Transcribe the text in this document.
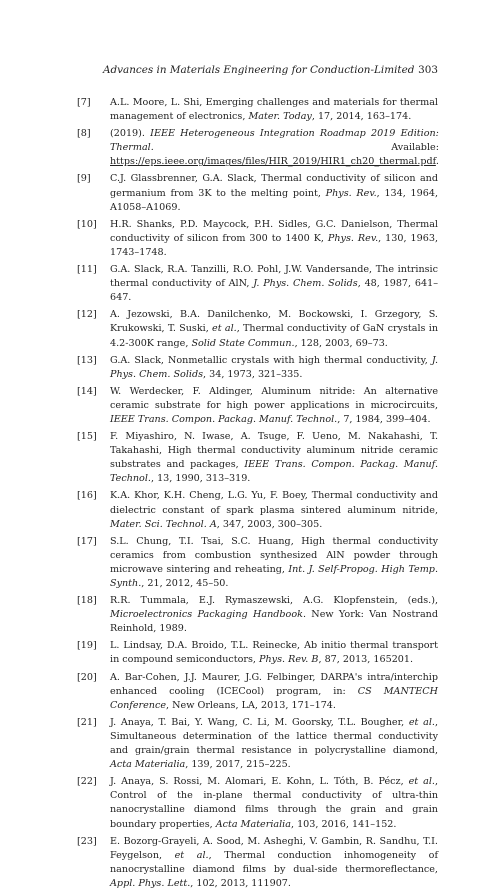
Advances in Materials Engineering for Conduction-Limited 303
[7]	A.L. Moore, L. Shi, Emerging challenges and materials for thermal management of electronics, Mater. Today, 17, 2014, 163–174.
[8]	(2019). IEEE Heterogeneous Integration Roadmap 2019 Edition: Thermal. Available: https://eps.ieee.org/images/files/HIR_2019/HIR1_ch20_thermal.pdf.
[9]	C.J. Glassbrenner, G.A. Slack, Thermal conductivity of silicon and germanium from 3K to the melting point, Phys. Rev., 134, 1964, A1058–A1069.
[10]	H.R. Shanks, P.D. Maycock, P.H. Sidles, G.C. Danielson, Thermal conductivity of silicon from 300 to 1400 K, Phys. Rev., 130, 1963, 1743–1748.
[11]	G.A. Slack, R.A. Tanzilli, R.O. Pohl, J.W. Vandersande, The intrinsic thermal conductivity of AlN, J. Phys. Chem. Solids, 48, 1987, 641–647.
[12]	A. Jezowski, B.A. Danilchenko, M. Bockowski, I. Grzegory, S. Krukowski, T. Suski, et al., Thermal conductivity of GaN crystals in 4.2-300K range, Solid State Commun., 128, 2003, 69–73.
[13]	G.A. Slack, Nonmetallic crystals with high thermal conductivity, J. Phys. Chem. Solids, 34, 1973, 321–335.
[14]	W. Werdecker, F. Aldinger, Aluminum nitride: An alternative ceramic substrate for high power applications in microcircuits, IEEE Trans. Compon. Packag. Manuf. Technol., 7, 1984, 399–404.
[15]	F. Miyashiro, N. Iwase, A. Tsuge, F. Ueno, M. Nakahashi, T. Takahashi, High thermal conductivity aluminum nitride ceramic substrates and packages, IEEE Trans. Compon. Packag. Manuf. Technol., 13, 1990, 313–319.
[16]	K.A. Khor, K.H. Cheng, L.G. Yu, F. Boey, Thermal conductivity and dielectric constant of spark plasma sintered aluminum nitride, Mater. Sci. Technol. A, 347, 2003, 300–305.
[17]	S.L. Chung, T.I. Tsai, S.C. Huang, High thermal conductivity ceramics from combustion synthesized AlN powder through microwave sintering and reheating, Int. J. Self-Propog. High Temp. Synth., 21, 2012, 45–50.
[18]	R.R. Tummala, E.J. Rymaszewski, A.G. Klopfenstein, (eds.), Microelectronics Packaging Handbook. New York: Van Nostrand Reinhold, 1989.
[19]	L. Lindsay, D.A. Broido, T.L. Reinecke, Ab initio thermal transport in compound semiconductors, Phys. Rev. B, 87, 2013, 165201.
[20]	A. Bar-Cohen, J.J. Maurer, J.G. Felbinger, DARPA's intra/interchip enhanced cooling (ICECool) program, in: CS MANTECH Conference, New Orleans, LA, 2013, 171–174.
[21]	J. Anaya, T. Bai, Y. Wang, C. Li, M. Goorsky, T.L. Bougher, et al., Simultaneous determination of the lattice thermal conductivity and grain/grain thermal resistance in polycrystalline diamond, Acta Materialia, 139, 2017, 215–225.
[22]	J. Anaya, S. Rossi, M. Alomari, E. Kohn, L. Tóth, B. Pécz, et al., Control of the in-plane thermal conductivity of ultra-thin nanocrystalline diamond films through the grain and grain boundary properties, Acta Materialia, 103, 2016, 141–152.
[23]	E. Bozorg-Grayeli, A. Sood, M. Asheghi, V. Gambin, R. Sandhu, T.I. Feygelson, et al., Thermal conduction inhomogeneity of nanocrystalline diamond films by dual-side thermoreflectance, Appl. Phys. Lett., 102, 2013, 111907.
